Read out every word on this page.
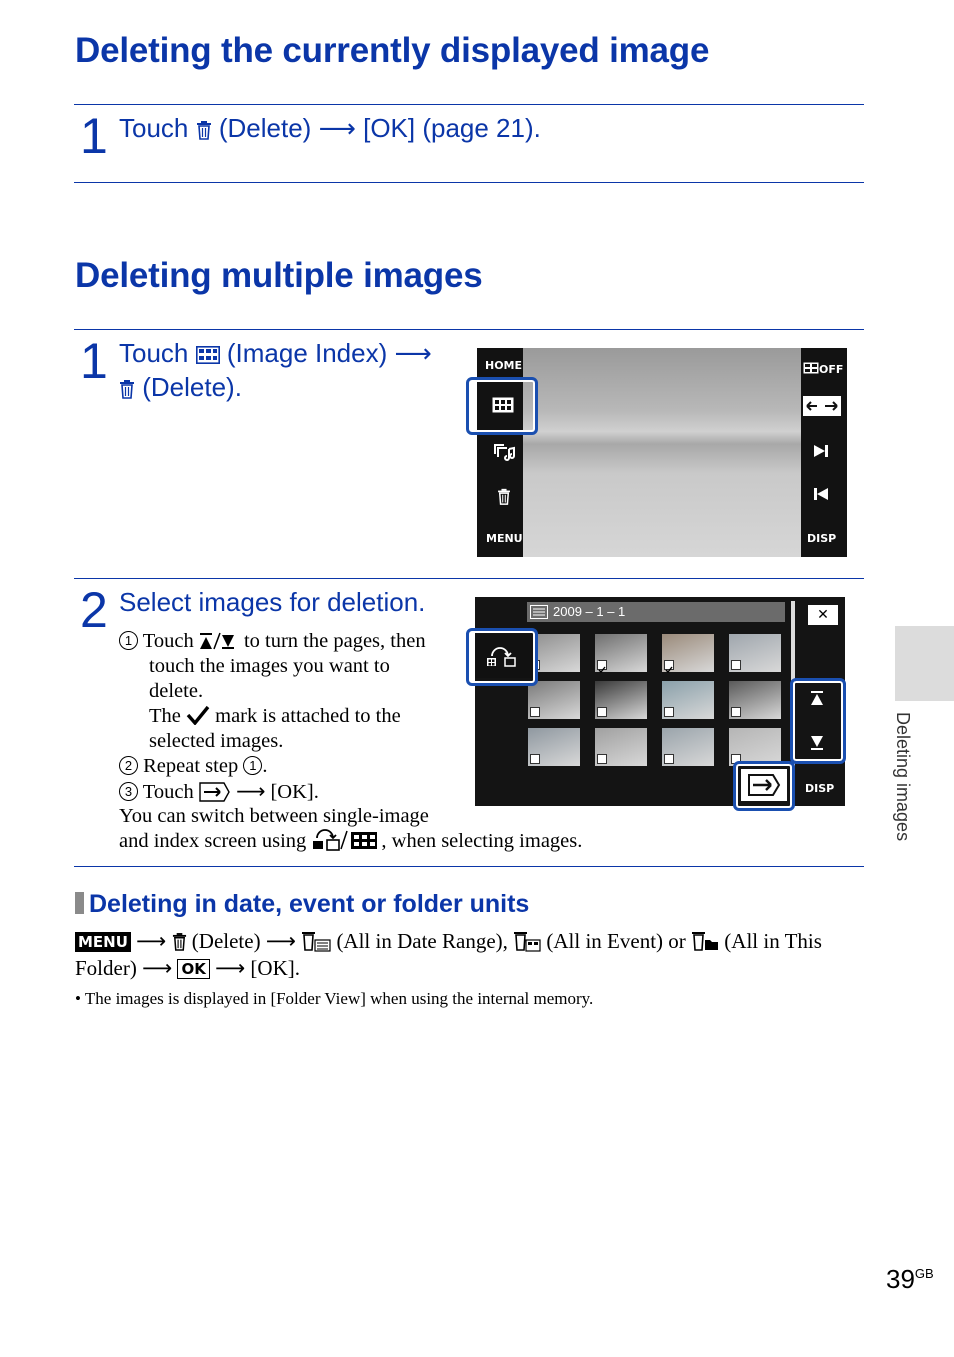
Deleting the currently displayed image
1 Touch (Delete) ⟶ [OK] (page 21).
Deleting multiple images
1 Touch (Image Index) ⟶
(Delete).
HOME
MENU
OFF
DISP
2 Select images for deletion.
1 Touch to turn the pages, then
touch the images you want to
delete.
The mark is attached to the
selected images.
2 Repeat step 1 .
3 Touch ⟶ [OK].
You can switch between single-image
and index screen using	, when selecting images.
2009 – 1 – 1	✕
DISP
Deleting in date, event or folder units
MENU ⟶ (Delete) ⟶ (All in Date Range), (All in Event) or (All in This
Folder) ⟶ OK ⟶ [OK].
• The images is displayed in [Folder View] when using the internal memory.
Deleting images
$39^{GB}$
